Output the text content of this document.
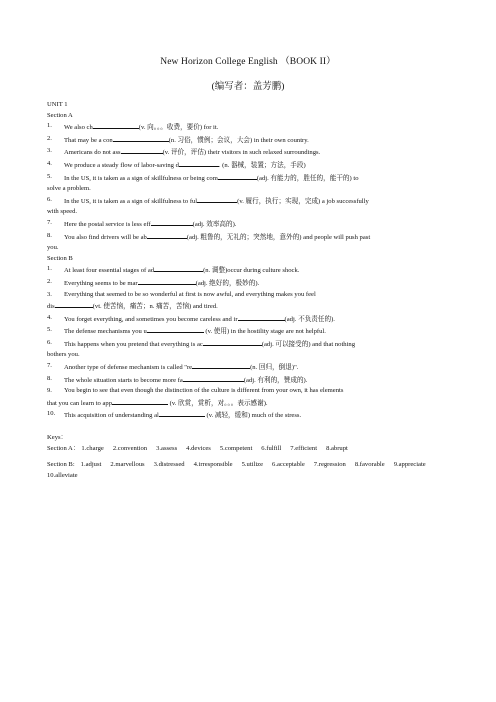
New Horizon College English （BOOK II）
(编写者：盖芳鹏)
UNIT 1
Section A
1.	We also ch	(v. 向。。。收费，要价) for it.
2.	That may be a con	(n. 习俗，惯例；会议，大会) in their own country.
3.	Americans do not ass	(v. 评价，评估) their visitors in such relaxed surroundings.
4.	We produce a steady flow of labor-saving d	. (n. 器械，装置；方法，手段)
5.	In the US, it is taken as a sign of skillfulness or being com	(adj. 有能力的，胜任的，能干的) to
solve a problem.
6.	In the US, it is taken as a sign of skillfulness to ful	(v. 履行，执行；实现，完成) a job successfully
with speed.
7.	Here the postal service is less eff	(adj. 效率高的).
8.	You also find drivers will be ab	(adj. 粗鲁的，无礼的；突然地，意外的) and people will push past
you.
Section B
1.	At least four essential stages of ad	(n. 调整)occur during culture shock.
2.	Everything seems to be mar	(adj. 绝好的，极妙的).
3.	Everything that seemed to be so wonderful at first is now awful, and everything makes you feel
dis	(vt. 使苦恼，痛苦；n. 痛苦，苦恼) and tired.
4.	You forget everything, and sometimes you become careless and ir	(adj. 不负责任的).
5.	The defense mechanisms you u	(v. 使用) in the hostility stage are not helpful.
6.	This happens when you pretend that everything is ac	(adj. 可以接受的) and that nothing
bothers you.
7.	Another type of defense mechanism is called "re	(n. 回归，倒退)".
8.	The whole situation starts to become more fa	(adj. 有利的，赞成的).
9.	You begin to see that even though the distinction of the culture is different from your own, it has elements
that you can learn to app	(v. 欣赏，赏析，对。。。表示感谢).
10.	This acquisition of understanding al	(v. 减轻，缓和) much of the stress.
Keys：
Section A： 1.charge 2.convention 3.assess 4.devices 5.competent 6.fulfill 7.efficient 8.abrupt
Section B: 1.adjust 2.marvellous 3.distressed 4.irresponsible 5.utilize 6.acceptable 7.regression 8.favorable 9.appreciate
10.alleviate
